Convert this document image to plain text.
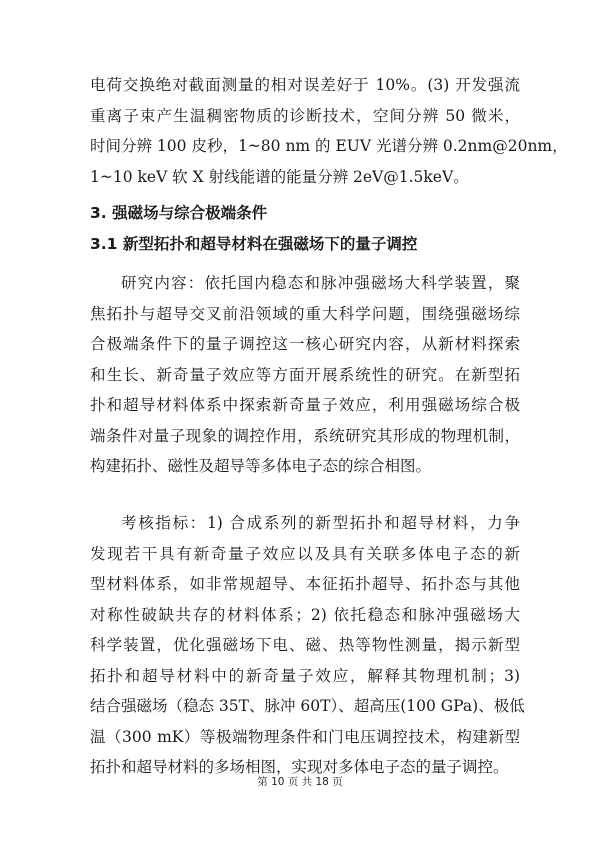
电荷交换绝对截面测量的相对误差好于 10%。(3) 开发强流
重离子束产生温稠密物质的诊断技术，空间分辨 50 微米，
时间分辨 100 皮秒，1~80 nm 的 EUV 光谱分辨 0.2nm@20nm，
1~10 keV 软 X 射线能谱的能量分辨 2eV@1.5keV。
3. 强磁场与综合极端条件
3.1 新型拓扑和超导材料在强磁场下的量子调控
研究内容：依托国内稳态和脉冲强磁场大科学装置，聚
焦拓扑与超导交叉前沿领域的重大科学问题，围绕强磁场综
合极端条件下的量子调控这一核心研究内容，从新材料探索
和生长、新奇量子效应等方面开展系统性的研究。在新型拓
扑和超导材料体系中探索新奇量子效应，利用强磁场综合极
端条件对量子现象的调控作用，系统研究其形成的物理机制，
构建拓扑、磁性及超导等多体电子态的综合相图。
考核指标：1) 合成系列的新型拓扑和超导材料，力争
发现若干具有新奇量子效应以及具有关联多体电子态的新
型材料体系，如非常规超导、本征拓扑超导、拓扑态与其他
对称性破缺共存的材料体系；2) 依托稳态和脉冲强磁场大
科学装置，优化强磁场下电、磁、热等物性测量，揭示新型
拓扑和超导材料中的新奇量子效应，解释其物理机制；3)
结合强磁场（稳态 35T、脉冲 60T）、超高压(100 GPa)、极低
温（300 mK）等极端物理条件和门电压调控技术，构建新型
拓扑和超导材料的多场相图，实现对多体电子态的量子调控。
第 10 页 共 18 页
